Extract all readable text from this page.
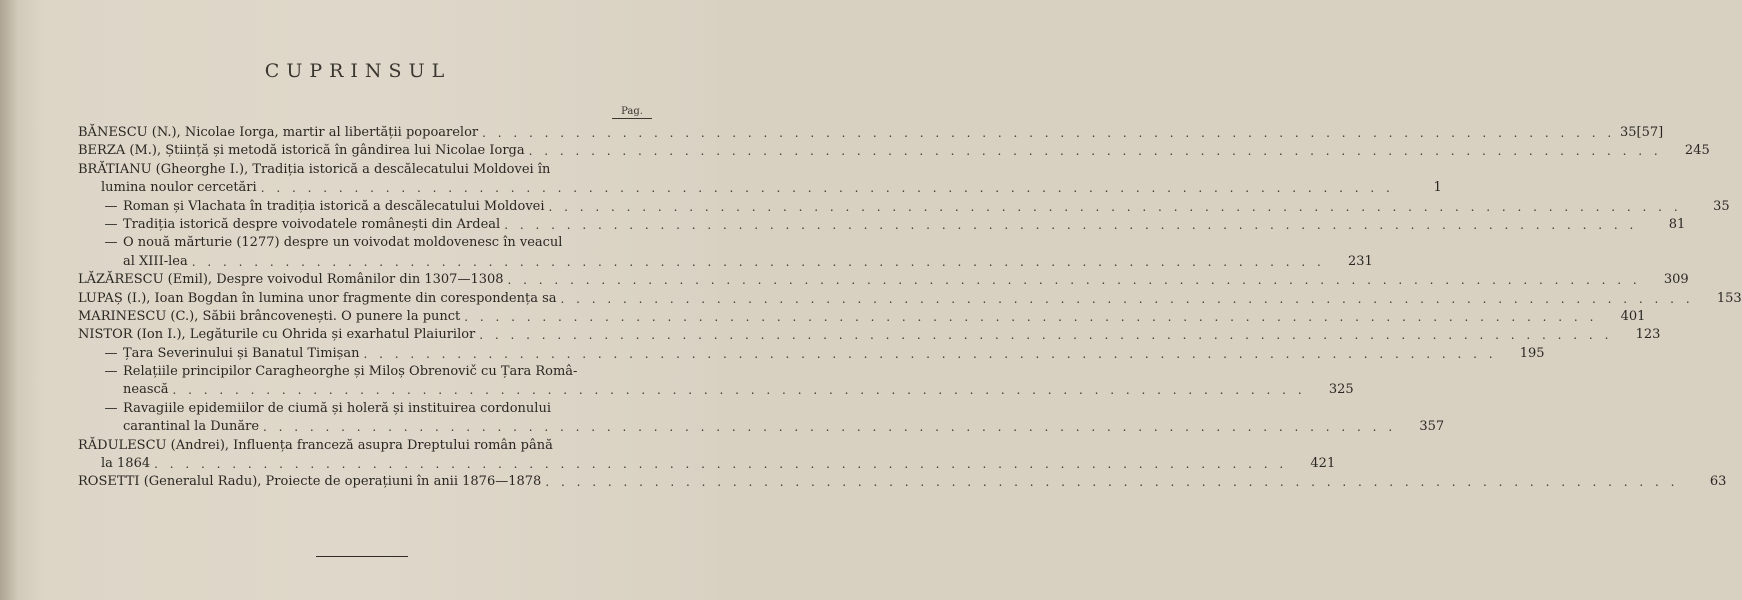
CUPRINSUL
Pag.
BĂNESCU (N.), Nicolae Iorga, martir al libertății popoarelor . . . . . . . . . . . . . . . . . . . . . . . . . . . . . . . . . . . . . . . . . . . . . . . . . . . . . . . . . . . . . . . . . . . . . . . . . 35[57]
BERZA (M.), Știință și metodă istorică în gândirea lui Nicolae Iorga . . . . . . . . . . . . . . . . . . . . . . . . . . . . . . . . . . . . . . . . . . . . . . . . . . . . . . . . . . . . . . . . . . . . . . . . .	245
BRĂTIANU (Gheorghe I.), Tradiția istorică a descălecatului Moldovei în
lumina noulor cercetări . . . . . . . . . . . . . . . . . . . . . . . . . . . . . . . . . . . . . . . . . . . . . . . . . . . . . . . . . . . . . . . . . . . . . . . . .	1
— Roman și Vlachata în tradiția istorică a descălecatului Moldovei . . . . . . . . . . . . . . . . . . . . . . . . . . . . . . . . . . . . . . . . . . . . . . . . . . . . . . . . . . . . . . . . . . . . . . . . .	35
— Tradiția istorică despre voivodatele românești din Ardeal . . . . . . . . . . . . . . . . . . . . . . . . . . . . . . . . . . . . . . . . . . . . . . . . . . . . . . . . . . . . . . . . . . . . . . . . .	81
— O nouă mărturie (1277) despre un voivodat moldovenesc în veacul
al XIII-lea . . . . . . . . . . . . . . . . . . . . . . . . . . . . . . . . . . . . . . . . . . . . . . . . . . . . . . . . . . . . . . . . . . . . . . . . .	231
LĂZĂRESCU (Emil), Despre voivodul Românilor din 1307—1308 . . . . . . . . . . . . . . . . . . . . . . . . . . . . . . . . . . . . . . . . . . . . . . . . . . . . . . . . . . . . . . . . . . . . . . . . .	309
LUPAȘ (I.), Ioan Bogdan în lumina unor fragmente din corespondența sa . . . . . . . . . . . . . . . . . . . . . . . . . . . . . . . . . . . . . . . . . . . . . . . . . . . . . . . . . . . . . . . . . . . . . . . . .	153
MARINESCU (C.), Săbii brâncovenești. O punere la punct . . . . . . . . . . . . . . . . . . . . . . . . . . . . . . . . . . . . . . . . . . . . . . . . . . . . . . . . . . . . . . . . . . . . . . . . .	401
NISTOR (Ion I.), Legăturile cu Ohrida și exarhatul Plaiurilor . . . . . . . . . . . . . . . . . . . . . . . . . . . . . . . . . . . . . . . . . . . . . . . . . . . . . . . . . . . . . . . . . . . . . . . . .	123
— Țara Severinului și Banatul Timișan . . . . . . . . . . . . . . . . . . . . . . . . . . . . . . . . . . . . . . . . . . . . . . . . . . . . . . . . . . . . . . . . . . . . . . . . .	195
— Relațiile principilor Caragheorghe și Miloș Obrenovič cu Țara Româ-
nească . . . . . . . . . . . . . . . . . . . . . . . . . . . . . . . . . . . . . . . . . . . . . . . . . . . . . . . . . . . . . . . . . . . . . . . . .	325
— Ravagiile epidemiilor de ciumă și holeră și instituirea cordonului
carantinal la Dunăre . . . . . . . . . . . . . . . . . . . . . . . . . . . . . . . . . . . . . . . . . . . . . . . . . . . . . . . . . . . . . . . . . . . . . . . . .	357
RĂDULESCU (Andrei), Influența franceză asupra Dreptului român până
la 1864 . . . . . . . . . . . . . . . . . . . . . . . . . . . . . . . . . . . . . . . . . . . . . . . . . . . . . . . . . . . . . . . . . . . . . . . . .	421
ROSETTI (Generalul Radu), Proiecte de operațiuni în anii 1876—1878 . . . . . . . . . . . . . . . . . . . . . . . . . . . . . . . . . . . . . . . . . . . . . . . . . . . . . . . . . . . . . . . . . . . . . . . . .	63
